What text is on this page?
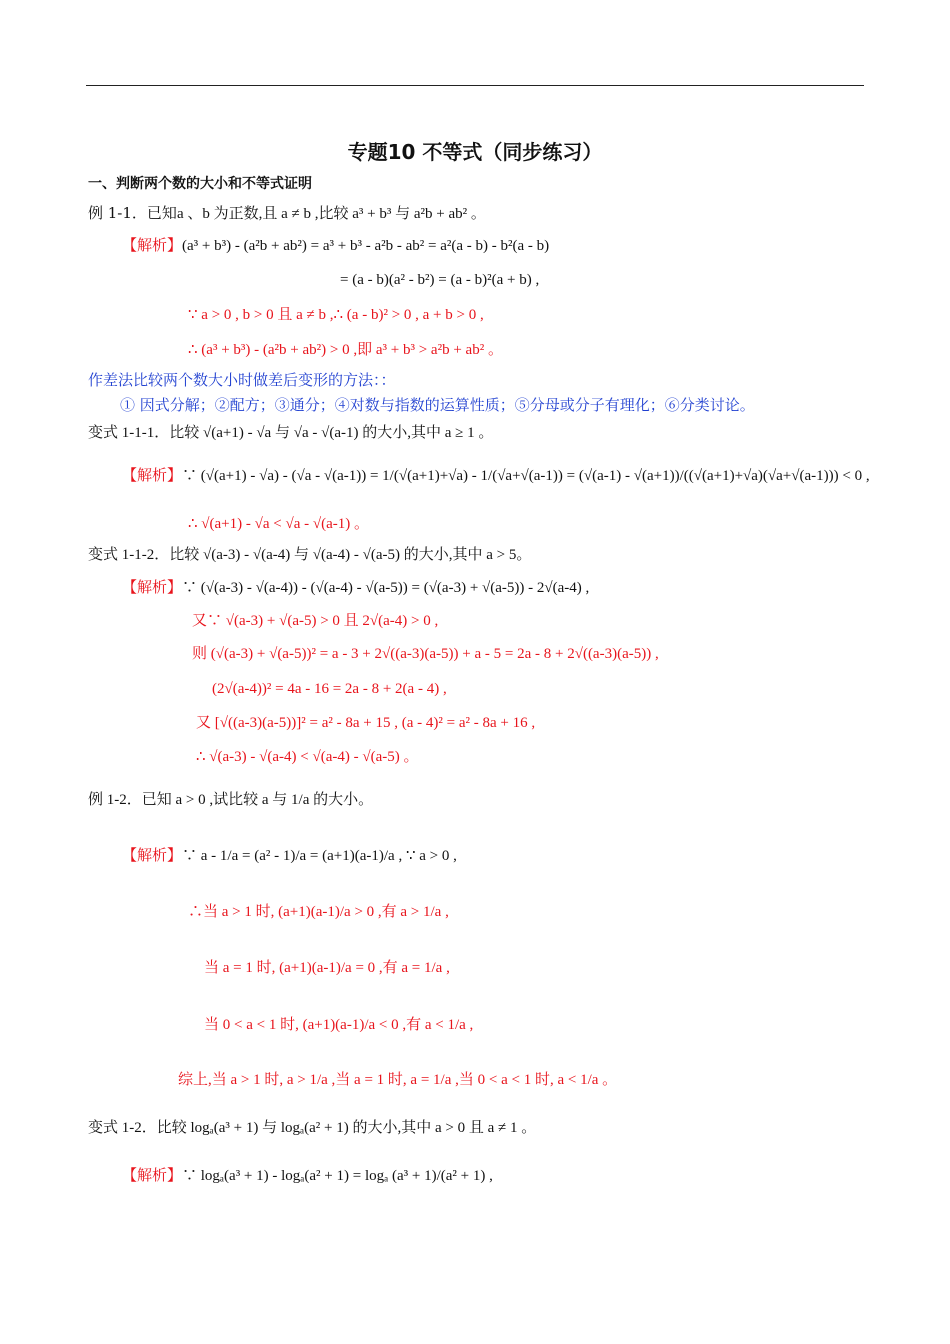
专题10 不等式（同步练习）
一、判断两个数的大小和不等式证明
例 1-1．已知a 、b 为正数,且 a ≠ b ,比较 a³ + b³ 与 a²b + ab² 。
【解析】(a³ + b³) - (a²b + ab²) = a³ + b³ - a²b - ab² = a²(a - b) - b²(a - b)
= (a - b)(a² - b²) = (a - b)²(a + b) ,
∵ a > 0 , b > 0 且 a ≠ b ,∴ (a - b)² > 0 , a + b > 0 ,
∴ (a³ + b³) - (a²b + ab²) > 0 ,即 a³ + b³ > a²b + ab² 。
作差法比较两个数大小时做差后变形的方法：：
① 因式分解；②配方；③通分；④对数与指数的运算性质；⑤分母或分子有理化；⑥分类讨论。
变式 1-1-1．比较 √(a+1) - √a 与 √a - √(a-1) 的大小,其中 a ≥ 1 。
【解析】∵ (√(a+1) - √a) - (√a - √(a-1)) = 1/(√(a+1)+√a) - 1/(√a+√(a-1)) = (√(a-1) - √(a+1))/((√(a+1)+√a)(√a+√(a-1))) < 0 ,
∴ √(a+1) - √a < √a - √(a-1) 。
变式 1-1-2．比较 √(a-3) - √(a-4) 与 √(a-4) - √(a-5) 的大小,其中 a > 5。
【解析】∵ (√(a-3) - √(a-4)) - (√(a-4) - √(a-5)) = (√(a-3) + √(a-5)) - 2√(a-4) ,
又∵ √(a-3) + √(a-5) > 0 且 2√(a-4) > 0 ,
则 (√(a-3) + √(a-5))² = a - 3 + 2√((a-3)(a-5)) + a - 5 = 2a - 8 + 2√((a-3)(a-5)) ,
(2√(a-4))² = 4a - 16 = 2a - 8 + 2(a - 4) ,
又 [√((a-3)(a-5))]² = a² - 8a + 15 , (a - 4)² = a² - 8a + 16 ,
∴ √(a-3) - √(a-4) < √(a-4) - √(a-5) 。
例 1-2．已知 a > 0 ,试比较 a 与 1/a 的大小。
【解析】∵ a - 1/a = (a² - 1)/a = (a+1)(a-1)/a , ∵ a > 0 ,
∴当 a > 1 时, (a+1)(a-1)/a > 0 ,有 a > 1/a ,
当 a = 1 时, (a+1)(a-1)/a = 0 ,有 a = 1/a ,
当 0 < a < 1 时, (a+1)(a-1)/a < 0 ,有 a < 1/a ,
综上,当 a > 1 时, a > 1/a ,当 a = 1 时, a = 1/a ,当 0 < a < 1 时, a < 1/a 。
变式 1-2．比较 logₐ(a³ + 1) 与 logₐ(a² + 1) 的大小,其中 a > 0 且 a ≠ 1 。
【解析】∵ logₐ(a³ + 1) - logₐ(a² + 1) = logₐ (a³ + 1)/(a² + 1) ,
